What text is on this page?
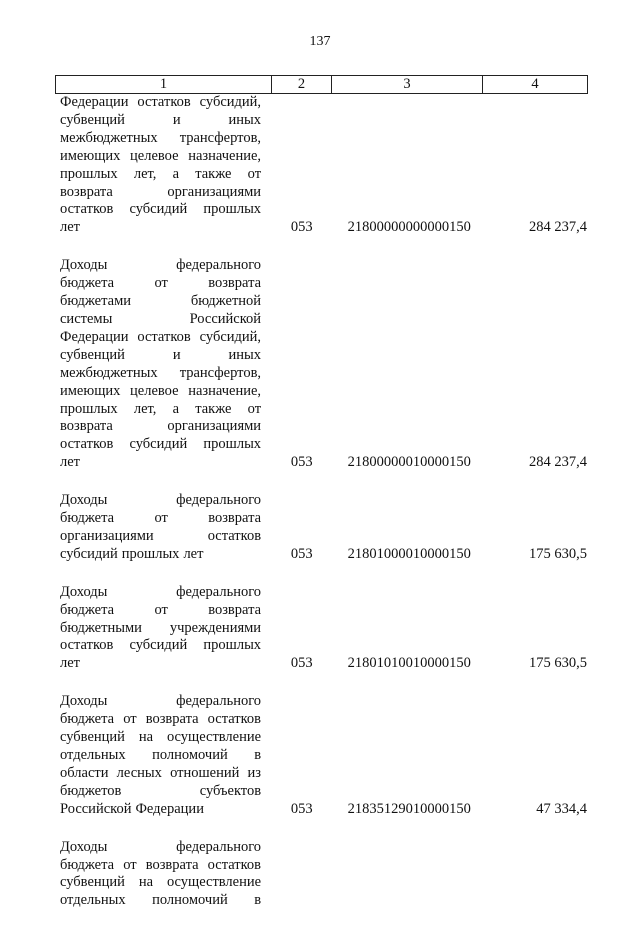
137
1	2	3	4
Федерации остатков субсидий,
субвенций	и	иных
межбюджетных трансфертов,
имеющих целевое назначение,
прошлых лет, а также от
возврата	организациями
остатков субсидий прошлых
лет	053	21800000000000150	284 237,4
Доходы	федерального
бюджета	от	возврата
бюджетами	бюджетной
системы	Российской
Федерации остатков субсидий,
субвенций	и	иных
межбюджетных трансфертов,
имеющих целевое назначение,
прошлых лет, а также от
возврата	организациями
остатков субсидий прошлых
лет	053	21800000010000150	284 237,4
Доходы	федерального
бюджета	от	возврата
организациями	остатков
субсидий прошлых лет	053	21801000010000150	175 630,5
Доходы	федерального
бюджета	от	возврата
бюджетными учреждениями
остатков субсидий прошлых
лет	053	21801010010000150	175 630,5
Доходы	федерального
бюджета от возврата остатков
субвенций на осуществление
отдельных полномочий в
области лесных отношений из
бюджетов	субъектов
Российской Федерации	053	21835129010000150	47 334,4
Доходы	федерального
бюджета от возврата остатков
субвенций на осуществление
отдельных полномочий в
